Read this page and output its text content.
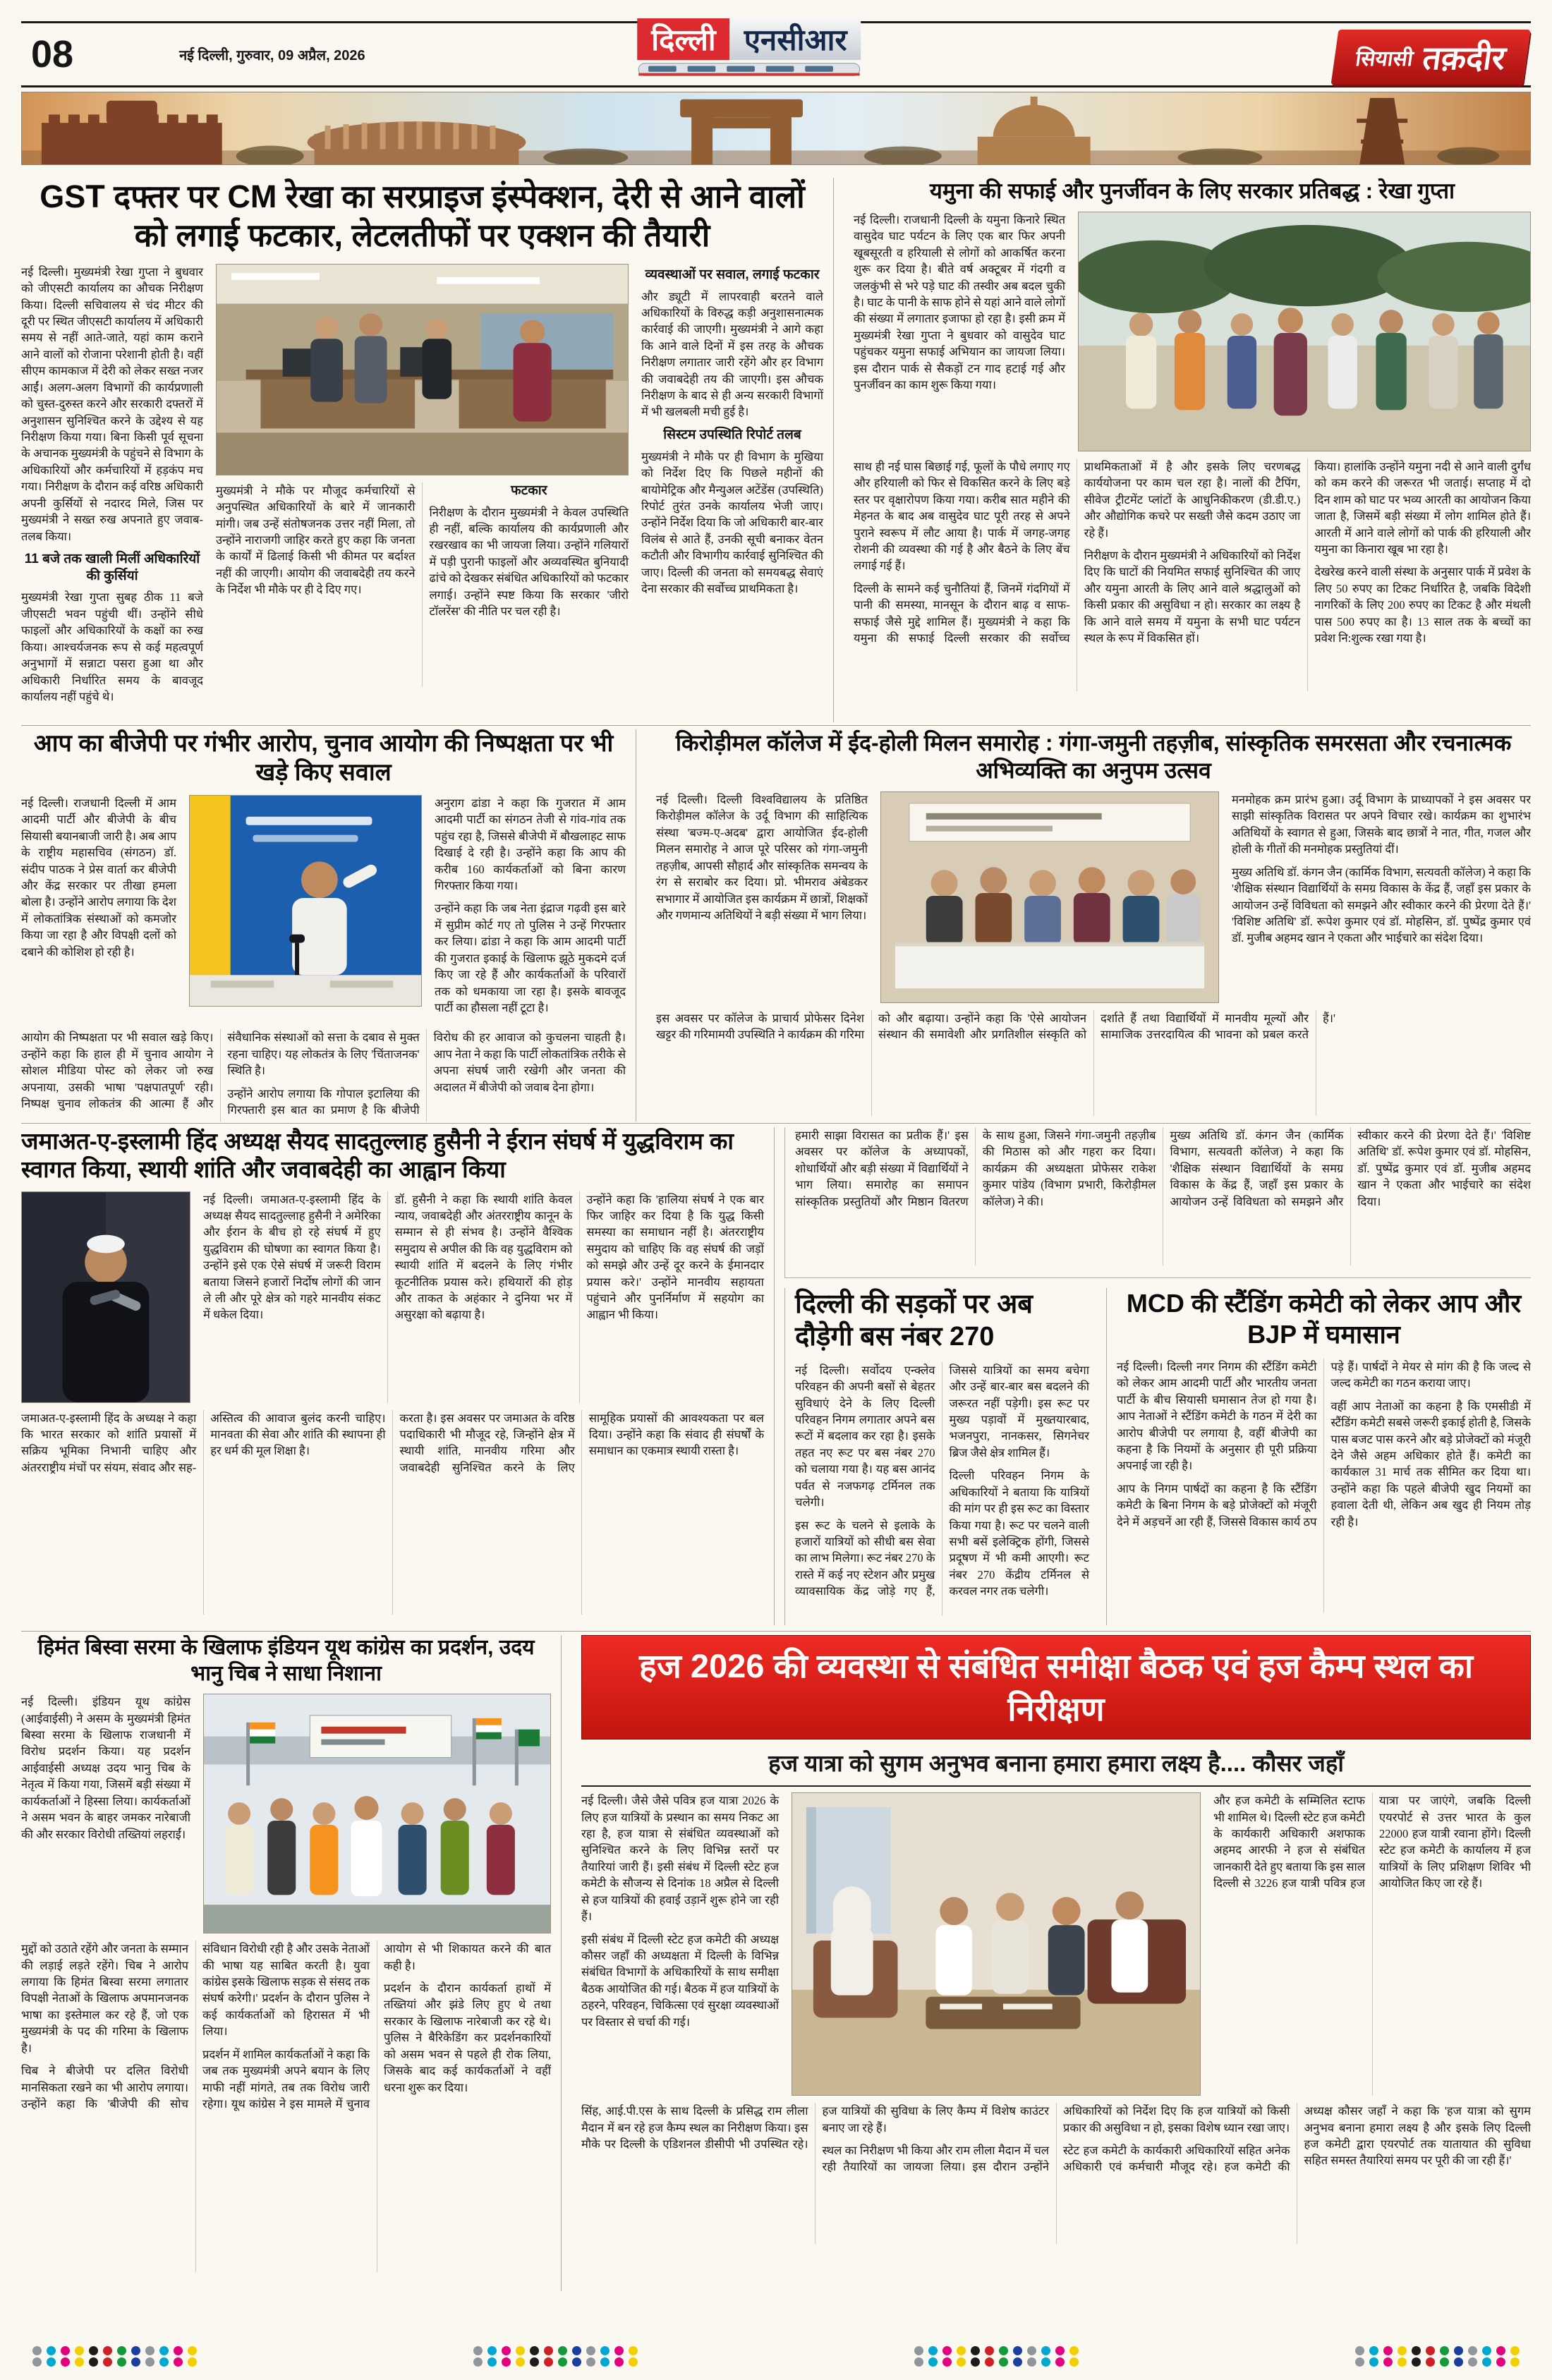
08	नई दिल्ली, गुरुवार, 09 अप्रैल, 2026	दिल्ली एनसीआर
सियासी तक़दीर
GST दफ्तर पर CM रेखा का सरप्राइज इंस्पेक्शन, देरी से आने वालों को लगाई फटकार, लेटलतीफों पर एक्शन की तैयारी

नई दिल्ली। मुख्यमंत्री रेखा गुप्ता ने बुधवार को जीएसटी कार्यालय का औचक निरीक्षण किया। दिल्ली सचिवालय से चंद मीटर की दूरी पर स्थित जीएसटी कार्यालय में अधिकारी समय से नहीं आते-जाते, यहां काम कराने आने वालों को रोजाना परेशानी होती है। वहीं सीएम कामकाज में देरी को लेकर सख्त नजर आईं। अलग-अलग विभागों की कार्यप्रणाली को चुस्त-दुरुस्त करने और सरकारी दफ्तरों में अनुशासन सुनिश्चित करने के उद्देश्य से यह निरीक्षण किया गया। बिना किसी पूर्व सूचना के अचानक मुख्यमंत्री के पहुंचने से विभाग के अधिकारियों और कर्मचारियों में हड़कंप मच गया। निरीक्षण के दौरान कई वरिष्ठ अधिकारी अपनी कुर्सियों से नदारद मिले, जिस पर मुख्यमंत्री ने सख्त रुख अपनाते हुए जवाब-तलब किया।

11 बजे तक खाली मिलीं अधिकारियों की कुर्सियां

मुख्यमंत्री रेखा गुप्ता सुबह ठीक 11 बजे जीएसटी भवन पहुंची थीं। उन्होंने सीधे फाइलों और अधिकारियों के कक्षों का रुख किया। आश्चर्यजनक रूप से कई महत्वपूर्ण अनुभागों में सन्नाटा पसरा हुआ था और अधिकारी निर्धारित समय के बावजूद कार्यालय नहीं पहुंचे थे।

मुख्यमंत्री ने मौके पर मौजूद कर्मचारियों से अनुपस्थित अधिकारियों के बारे में जानकारी मांगी। जब उन्हें संतोषजनक उत्तर नहीं मिला, तो उन्होंने नाराजगी जाहिर करते हुए कहा कि जनता के कार्यों में ढिलाई किसी भी कीमत पर बर्दाश्त नहीं की जाएगी। आयोग की जवाबदेही तय करने के निर्देश भी मौके पर ही दे दिए गए।

फटकार

निरीक्षण के दौरान मुख्यमंत्री ने केवल उपस्थिति ही नहीं, बल्कि कार्यालय की कार्यप्रणाली और रखरखाव का भी जायजा लिया। उन्होंने गलियारों में पड़ी पुरानी फाइलों और अव्यवस्थित बुनियादी ढांचे को देखकर संबंधित अधिकारियों को फटकार लगाई। उन्होंने स्पष्ट किया कि सरकार 'जीरो टॉलरेंस' की नीति पर चल रही है।

व्यवस्थाओं पर सवाल, लगाई फटकार

और ड्यूटी में लापरवाही बरतने वाले अधिकारियों के विरुद्ध कड़ी अनुशासनात्मक कार्रवाई की जाएगी। मुख्यमंत्री ने आगे कहा कि आने वाले दिनों में इस तरह के औचक निरीक्षण लगातार जारी रहेंगे और हर विभाग की जवाबदेही तय की जाएगी। इस औचक निरीक्षण के बाद से ही अन्य सरकारी विभागों में भी खलबली मची हुई है।

सिस्टम उपस्थिति रिपोर्ट तलब

मुख्यमंत्री ने मौके पर ही विभाग के मुखिया को निर्देश दिए कि पिछले महीनों की बायोमेट्रिक और मैन्युअल अटेंडेंस (उपस्थिति) रिपोर्ट तुरंत उनके कार्यालय भेजी जाए। उन्होंने निर्देश दिया कि जो अधिकारी बार-बार विलंब से आते हैं, उनकी सूची बनाकर वेतन कटौती और विभागीय कार्रवाई सुनिश्चित की जाए। दिल्ली की जनता को समयबद्ध सेवाएं देना सरकार की सर्वोच्च प्राथमिकता है।

यमुना की सफाई और पुनर्जीवन के लिए सरकार प्रतिबद्ध : रेखा गुप्ता

नई दिल्ली। राजधानी दिल्ली के यमुना किनारे स्थित वासुदेव घाट पर्यटन के लिए एक बार फिर अपनी खूबसूरती व हरियाली से लोगों को आकर्षित करना शुरू कर दिया है। बीते वर्ष अक्टूबर में गंदगी व जलकुंभी से भरे पड़े घाट की तस्वीर अब बदल चुकी है। घाट के पानी के साफ होने से यहां आने वाले लोगों की संख्या में लगातार इजाफा हो रहा है। इसी क्रम में मुख्यमंत्री रेखा गुप्ता ने बुधवार को वासुदेव घाट पहुंचकर यमुना सफाई अभियान का जायजा लिया। इस दौरान पार्क से सैकड़ों टन गाद हटाई गई और पुनर्जीवन का काम शुरू किया गया।

साथ ही नई घास बिछाई गई, फूलों के पौधे लगाए गए और हरियाली को फिर से विकसित करने के लिए बड़े स्तर पर वृक्षारोपण किया गया। करीब सात महीने की मेहनत के बाद अब वासुदेव घाट पूरी तरह से अपने पुराने स्वरूप में लौट आया है। पार्क में जगह-जगह रोशनी की व्यवस्था की गई है और बैठने के लिए बेंच लगाई गई हैं।

दिल्ली के सामने कई चुनौतियां हैं, जिनमें गंदगियों में पानी की समस्या, मानसून के दौरान बाढ़ व साफ-सफाई जैसे मुद्दे शामिल हैं। मुख्यमंत्री ने कहा कि यमुना की सफाई दिल्ली सरकार की सर्वोच्च प्राथमिकताओं में है और इसके लिए चरणबद्ध कार्ययोजना पर काम चल रहा है। नालों की टैपिंग, सीवेज ट्रीटमेंट प्लांटों के आधुनिकीकरण (डी.डी.ए.) और औद्योगिक कचरे पर सख्ती जैसे कदम उठाए जा रहे हैं।

निरीक्षण के दौरान मुख्यमंत्री ने अधिकारियों को निर्देश दिए कि घाटों की नियमित सफाई सुनिश्चित की जाए और यमुना आरती के लिए आने वाले श्रद्धालुओं को किसी प्रकार की असुविधा न हो। सरकार का लक्ष्य है कि आने वाले समय में यमुना के सभी घाट पर्यटन स्थल के रूप में विकसित हों।

किया। हालांकि उन्होंने यमुना नदी से आने वाली दुर्गंध को कम करने की जरूरत भी जताई। सप्ताह में दो दिन शाम को घाट पर भव्य आरती का आयोजन किया जाता है, जिसमें बड़ी संख्या में लोग शामिल होते हैं। आरती में आने वाले लोगों को पार्क की हरियाली और यमुना का किनारा खूब भा रहा है।

देखरेख करने वाली संस्था के अनुसार पार्क में प्रवेश के लिए 50 रुपए का टिकट निर्धारित है, जबकि विदेशी नागरिकों के लिए 200 रुपए का टिकट है और मंथली पास 500 रुपए का है। 13 साल तक के बच्चों का प्रवेश नि:शुल्क रखा गया है।

आप का बीजेपी पर गंभीर आरोप, चुनाव आयोग की निष्पक्षता पर भी खड़े किए सवाल

नई दिल्ली। राजधानी दिल्ली में आम आदमी पार्टी और बीजेपी के बीच सियासी बयानबाजी जारी है। अब आप के राष्ट्रीय महासचिव (संगठन) डॉ. संदीप पाठक ने प्रेस वार्ता कर बीजेपी और केंद्र सरकार पर तीखा हमला बोला है। उन्होंने आरोप लगाया कि देश में लोकतांत्रिक संस्थाओं को कमजोर किया जा रहा है और विपक्षी दलों को दबाने की कोशिश हो रही है।

अनुराग ढांडा ने कहा कि गुजरात में आम आदमी पार्टी का संगठन तेजी से गांव-गांव तक पहुंच रहा है, जिससे बीजेपी में बौखलाहट साफ दिखाई दे रही है। उन्होंने कहा कि आप की करीब 160 कार्यकर्ताओं को बिना कारण गिरफ्तार किया गया।

उन्होंने कहा कि जब नेता इंद्राज गढ़वी इस बारे में सुप्रीम कोर्ट गए तो पुलिस ने उन्हें गिरफ्तार कर लिया। ढांडा ने कहा कि आम आदमी पार्टी की गुजरात इकाई के खिलाफ झूठे मुकदमे दर्ज किए जा रहे हैं और कार्यकर्ताओं के परिवारों तक को धमकाया जा रहा है। इसके बावजूद पार्टी का हौसला नहीं टूटा है।

आयोग की निष्पक्षता पर भी सवाल खड़े किए। उन्होंने कहा कि हाल ही में चुनाव आयोग ने सोशल मीडिया पोस्ट को लेकर जो रुख अपनाया, उसकी भाषा 'पक्षपातपूर्ण' रही। निष्पक्ष चुनाव लोकतंत्र की आत्मा हैं और संवैधानिक संस्थाओं को सत्ता के दबाव से मुक्त रहना चाहिए। यह लोकतंत्र के लिए 'चिंताजनक' स्थिति है।

उन्होंने आरोप लगाया कि गोपाल इटालिया की गिरफ्तारी इस बात का प्रमाण है कि बीजेपी विरोध की हर आवाज को कुचलना चाहती है। आप नेता ने कहा कि पार्टी लोकतांत्रिक तरीके से अपना संघर्ष जारी रखेगी और जनता की अदालत में बीजेपी को जवाब देना होगा।

किरोड़ीमल कॉलेज में ईद-होली मिलन समारोह : गंगा-जमुनी तहज़ीब, सांस्कृतिक समरसता और रचनात्मक अभिव्यक्ति का अनुपम उत्सव

नई दिल्ली। दिल्ली विश्वविद्यालय के प्रतिष्ठित किरोड़ीमल कॉलेज के उर्दू विभाग की साहित्यिक संस्था 'बज्म-ए-अदब' द्वारा आयोजित ईद-होली मिलन समारोह ने आज पूरे परिसर को गंगा-जमुनी तहज़ीब, आपसी सौहार्द और सांस्कृतिक समन्वय के रंग से सराबोर कर दिया। प्रो. भीमराव अंबेडकर सभागार में आयोजित इस कार्यक्रम में छात्रों, शिक्षकों और गणमान्य अतिथियों ने बड़ी संख्या में भाग लिया।

मनमोहक क्रम प्रारंभ हुआ। उर्दू विभाग के प्राध्यापकों ने इस अवसर पर साझी सांस्कृतिक विरासत पर अपने विचार रखे। कार्यक्रम का शुभारंभ अतिथियों के स्वागत से हुआ, जिसके बाद छात्रों ने नात, गीत, गजल और होली के गीतों की मनमोहक प्रस्तुतियां दीं।

मुख्य अतिथि डॉ. कंगन जैन (कार्मिक विभाग, सत्यवती कॉलेज) ने कहा कि 'शैक्षिक संस्थान विद्यार्थियों के समग्र विकास के केंद्र हैं, जहाँ इस प्रकार के आयोजन उन्हें विविधता को समझने और स्वीकार करने की प्रेरणा देते हैं।' 'विशिष्ट अतिथि' डॉ. रूपेश कुमार एवं डॉ. मोहसिन, डॉ. पुष्पेंद्र कुमार एवं डॉ. मुजीब अहमद खान ने एकता और भाईचारे का संदेश दिया।

इस अवसर पर कॉलेज के प्राचार्य प्रोफेसर दिनेश खट्टर की गरिमामयी उपस्थिति ने कार्यक्रम की गरिमा को और बढ़ाया। उन्होंने कहा कि 'ऐसे आयोजन संस्थान की समावेशी और प्रगतिशील संस्कृति को दर्शाते हैं तथा विद्यार्थियों में मानवीय मूल्यों और सामाजिक उत्तरदायित्व की भावना को प्रबल करते हैं।'

हमारी साझा विरासत का प्रतीक हैं।' इस अवसर पर कॉलेज के अध्यापकों, शोधार्थियों और बड़ी संख्या में विद्यार्थियों ने भाग लिया। समारोह का समापन सांस्कृतिक प्रस्तुतियों और मिष्ठान वितरण के साथ हुआ, जिसने गंगा-जमुनी तहज़ीब की मिठास को और गहरा कर दिया। कार्यक्रम की अध्यक्षता प्रोफेसर राकेश कुमार पांडेय (विभाग प्रभारी, किरोड़ीमल कॉलेज) ने की।

मुख्य अतिथि डॉ. कंगन जैन (कार्मिक विभाग, सत्यवती कॉलेज) ने कहा कि 'शैक्षिक संस्थान विद्यार्थियों के समग्र विकास के केंद्र हैं, जहाँ इस प्रकार के आयोजन उन्हें विविधता को समझने और स्वीकार करने की प्रेरणा देते हैं।' 'विशिष्ट अतिथि' डॉ. रूपेश कुमार एवं डॉ. मोहसिन, डॉ. पुष्पेंद्र कुमार एवं डॉ. मुजीब अहमद खान ने एकता और भाईचारे का संदेश दिया।

जमाअत-ए-इस्लामी हिंद अध्यक्ष सैयद सादतुल्लाह हुसैनी ने ईरान संघर्ष में युद्धविराम का स्वागत किया, स्थायी शांति और जवाबदेही का आह्वान किया

नई दिल्ली। जमाअत-ए-इस्लामी हिंद के अध्यक्ष सैयद सादतुल्लाह हुसैनी ने अमेरिका और ईरान के बीच हो रहे संघर्ष में हुए युद्धविराम की घोषणा का स्वागत किया है। उन्होंने इसे एक ऐसे संघर्ष में जरूरी विराम बताया जिसने हजारों निर्दोष लोगों की जान ले ली और पूरे क्षेत्र को गहरे मानवीय संकट में धकेल दिया।

डॉ. हुसैनी ने कहा कि स्थायी शांति केवल न्याय, जवाबदेही और अंतरराष्ट्रीय कानून के सम्मान से ही संभव है। उन्होंने वैश्विक समुदाय से अपील की कि वह युद्धविराम को स्थायी शांति में बदलने के लिए गंभीर कूटनीतिक प्रयास करे। हथियारों की होड़ और ताकत के अहंकार ने दुनिया भर में असुरक्षा को बढ़ाया है।

उन्होंने कहा कि 'हालिया संघर्ष ने एक बार फिर जाहिर कर दिया है कि युद्ध किसी समस्या का समाधान नहीं है। अंतरराष्ट्रीय समुदाय को चाहिए कि वह संघर्ष की जड़ों को समझे और उन्हें दूर करने के ईमानदार प्रयास करे।' उन्होंने मानवीय सहायता पहुंचाने और पुनर्निर्माण में सहयोग का आह्वान भी किया।

जमाअत-ए-इस्लामी हिंद के अध्यक्ष ने कहा कि भारत सरकार को शांति प्रयासों में सक्रिय भूमिका निभानी चाहिए और अंतरराष्ट्रीय मंचों पर संयम, संवाद और सह-अस्तित्व की आवाज बुलंद करनी चाहिए। मानवता की सेवा और शांति की स्थापना ही हर धर्म की मूल शिक्षा है।

करता है। इस अवसर पर जमाअत के वरिष्ठ पदाधिकारी भी मौजूद रहे, जिन्होंने क्षेत्र में स्थायी शांति, मानवीय गरिमा और जवाबदेही सुनिश्चित करने के लिए सामूहिक प्रयासों की आवश्यकता पर बल दिया। उन्होंने कहा कि संवाद ही संघर्षों के समाधान का एकमात्र स्थायी रास्ता है।

दिल्ली की सड़कों पर अब दौड़ेगी बस नंबर 270

नई दिल्ली। सर्वोदय एन्क्लेव परिवहन की अपनी बसों से बेहतर सुविधाएं देने के लिए दिल्ली परिवहन निगम लगातार अपने बस रूटों में बदलाव कर रहा है। इसके तहत नए रूट पर बस नंबर 270 को चलाया गया है। यह बस आनंद पर्वत से नजफगढ़ टर्मिनल तक चलेगी।

इस रूट के चलने से इलाके के हजारों यात्रियों को सीधी बस सेवा का लाभ मिलेगा। रूट नंबर 270 के रास्ते में कई नए स्टेशन और प्रमुख व्यावसायिक केंद्र जोड़े गए हैं, जिससे यात्रियों का समय बचेगा और उन्हें बार-बार बस बदलने की जरूरत नहीं पड़ेगी। इस रूट पर मुख्य पड़ावों में मुख्तयारबाद, भजनपुरा, नानकसर, सिगनेचर ब्रिज जैसे क्षेत्र शामिल हैं।

दिल्ली परिवहन निगम के अधिकारियों ने बताया कि यात्रियों की मांग पर ही इस रूट का विस्तार किया गया है। रूट पर चलने वाली सभी बसें इलेक्ट्रिक होंगी, जिससे प्रदूषण में भी कमी आएगी। रूट नंबर 270 केंद्रीय टर्मिनल से करवल नगर तक चलेगी।

MCD की स्टैंडिंग कमेटी को लेकर आप और BJP में घमासान

नई दिल्ली। दिल्ली नगर निगम की स्टैंडिंग कमेटी को लेकर आम आदमी पार्टी और भारतीय जनता पार्टी के बीच सियासी घमासान तेज हो गया है। आप नेताओं ने स्टैंडिंग कमेटी के गठन में देरी का आरोप बीजेपी पर लगाया है, वहीं बीजेपी का कहना है कि नियमों के अनुसार ही पूरी प्रक्रिया अपनाई जा रही है।

आप के निगम पार्षदों का कहना है कि स्टैंडिंग कमेटी के बिना निगम के बड़े प्रोजेक्टों को मंजूरी देने में अड़चनें आ रही हैं, जिससे विकास कार्य ठप पड़े हैं। पार्षदों ने मेयर से मांग की है कि जल्द से जल्द कमेटी का गठन कराया जाए।

वहीं आप नेताओं का कहना है कि एमसीडी में स्टैंडिंग कमेटी सबसे जरूरी इकाई होती है, जिसके पास बजट पास करने और बड़े प्रोजेक्टों को मंजूरी देने जैसे अहम अधिकार होते हैं। कमेटी का कार्यकाल 31 मार्च तक सीमित कर दिया था। उन्होंने कहा कि पहले बीजेपी खुद नियमों का हवाला देती थी, लेकिन अब खुद ही नियम तोड़ रही है।

हिमंत बिस्वा सरमा के खिलाफ इंडियन यूथ कांग्रेस का प्रदर्शन, उदय भानु चिब ने साधा निशाना

नई दिल्ली। इंडियन यूथ कांग्रेस (आईवाईसी) ने असम के मुख्यमंत्री हिमंत बिस्वा सरमा के खिलाफ राजधानी में विरोध प्रदर्शन किया। यह प्रदर्शन आईवाईसी अध्यक्ष उदय भानु चिब के नेतृत्व में किया गया, जिसमें बड़ी संख्या में कार्यकर्ताओं ने हिस्सा लिया। कार्यकर्ताओं ने असम भवन के बाहर जमकर नारेबाजी की और सरकार विरोधी तख्तियां लहराईं।

मुद्दों को उठाते रहेंगे और जनता के सम्मान की लड़ाई लड़ते रहेंगे। चिब ने आरोप लगाया कि हिमंत बिस्वा सरमा लगातार विपक्षी नेताओं के खिलाफ अपमानजनक भाषा का इस्तेमाल कर रहे हैं, जो एक मुख्यमंत्री के पद की गरिमा के खिलाफ है।

चिब ने बीजेपी पर दलित विरोधी मानसिकता रखने का भी आरोप लगाया। उन्होंने कहा कि 'बीजेपी की सोच संविधान विरोधी रही है और उसके नेताओं की भाषा यह साबित करती है। युवा कांग्रेस इसके खिलाफ सड़क से संसद तक संघर्ष करेगी।' प्रदर्शन के दौरान पुलिस ने कई कार्यकर्ताओं को हिरासत में भी लिया।

प्रदर्शन में शामिल कार्यकर्ताओं ने कहा कि जब तक मुख्यमंत्री अपने बयान के लिए माफी नहीं मांगते, तब तक विरोध जारी रहेगा। यूथ कांग्रेस ने इस मामले में चुनाव आयोग से भी शिकायत करने की बात कही है।

प्रदर्शन के दौरान कार्यकर्ता हाथों में तख्तियां और झंडे लिए हुए थे तथा सरकार के खिलाफ नारेबाजी कर रहे थे। पुलिस ने बैरिकेडिंग कर प्रदर्शनकारियों को असम भवन से पहले ही रोक लिया, जिसके बाद कई कार्यकर्ताओं ने वहीं धरना शुरू कर दिया।

हज 2026 की व्यवस्था से संबंधित समीक्षा बैठक एवं हज कैम्प स्थल का निरीक्षण
हज यात्रा को सुगम अनुभव बनाना हमारा हमारा लक्ष्य है.... कौसर जहाँ

नई दिल्ली। जैसे जैसे पवित्र हज यात्रा 2026 के लिए हज यात्रियों के प्रस्थान का समय निकट आ रहा है, हज यात्रा से संबंधित व्यवस्थाओं को सुनिश्चित करने के लिए विभिन्न स्तरों पर तैयारियां जारी हैं। इसी संबंध में दिल्ली स्टेट हज कमेटी के सौजन्य से दिनांक 18 अप्रैल से दिल्ली से हज यात्रियों की हवाई उड़ानें शुरू होने जा रही हैं।

इसी संबंध में दिल्ली स्टेट हज कमेटी की अध्यक्ष कौसर जहाँ की अध्यक्षता में दिल्ली के विभिन्न संबंधित विभागों के अधिकारियों के साथ समीक्षा बैठक आयोजित की गई। बैठक में हज यात्रियों के ठहरने, परिवहन, चिकित्सा एवं सुरक्षा व्यवस्थाओं पर विस्तार से चर्चा की गई।

और हज कमेटी के सम्मिलित स्टाफ भी शामिल थे। दिल्ली स्टेट हज कमेटी के कार्यकारी अधिकारी अशफाक अहमद आरफी ने हज से संबंधित जानकारी देते हुए बताया कि इस साल दिल्ली से 3226 हज यात्री पवित्र हज यात्रा पर जाएंगे, जबकि दिल्ली एयरपोर्ट से उत्तर भारत के कुल 22000 हज यात्री रवाना होंगे। दिल्ली स्टेट हज कमेटी के कार्यालय में हज यात्रियों के लिए प्रशिक्षण शिविर भी आयोजित किए जा रहे हैं।

सिंह, आई.पी.एस के साथ दिल्ली के प्रसिद्ध राम लीला मैदान में बन रहे हज कैम्प स्थल का निरीक्षण किया। इस मौके पर दिल्ली के एडिशनल डीसीपी भी उपस्थित रहे। हज यात्रियों की सुविधा के लिए कैम्प में विशेष काउंटर बनाए जा रहे हैं।

स्थल का निरीक्षण भी किया और राम लीला मैदान में चल रही तैयारियों का जायजा लिया। इस दौरान उन्होंने अधिकारियों को निर्देश दिए कि हज यात्रियों को किसी प्रकार की असुविधा न हो, इसका विशेष ध्यान रखा जाए।

स्टेट हज कमेटी के कार्यकारी अधिकारियों सहित अनेक अधिकारी एवं कर्मचारी मौजूद रहे। हज कमेटी की अध्यक्ष कौसर जहाँ ने कहा कि 'हज यात्रा को सुगम अनुभव बनाना हमारा लक्ष्य है और इसके लिए दिल्ली हज कमेटी द्वारा एयरपोर्ट तक यातायात की सुविधा सहित समस्त तैयारियां समय पर पूरी की जा रही हैं।'
